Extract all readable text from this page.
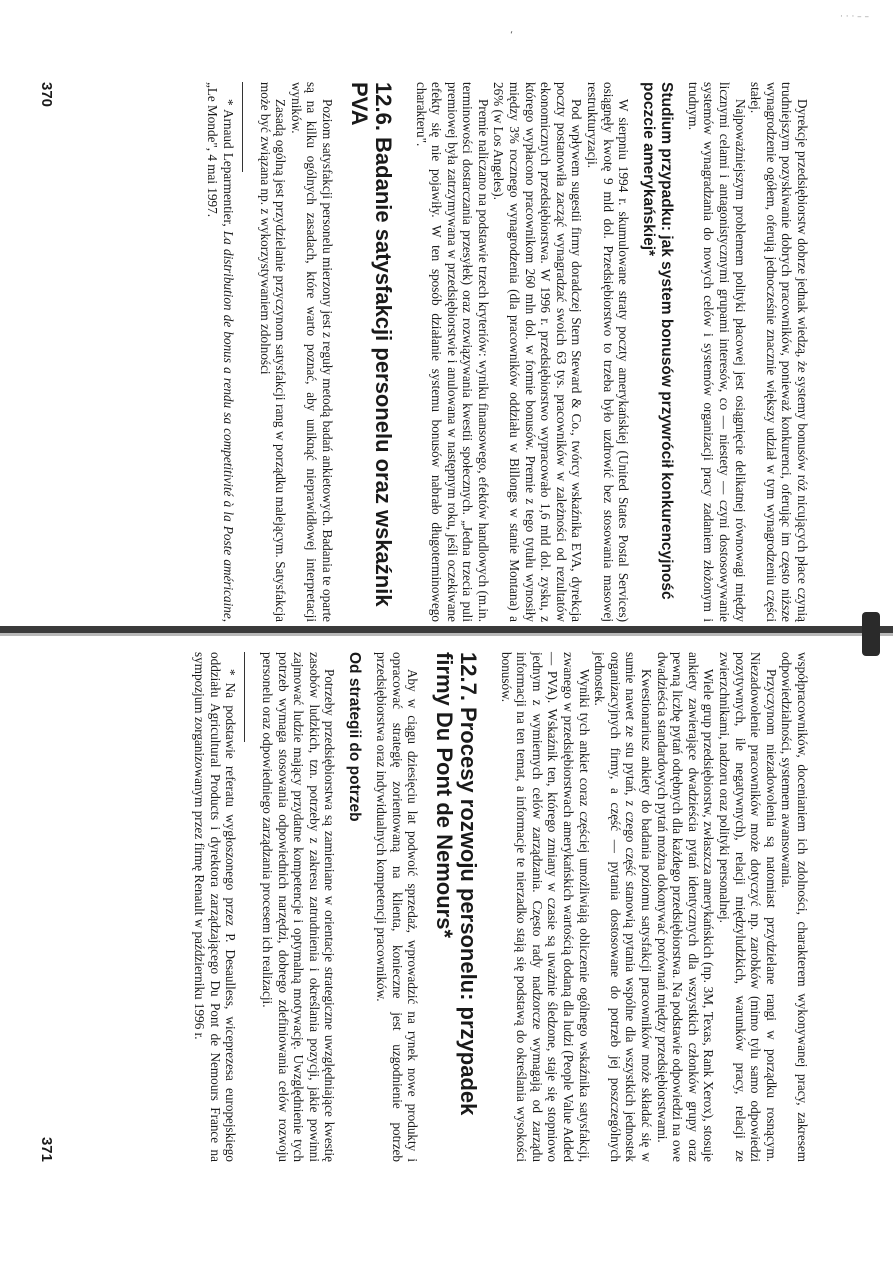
· · · – –
‘

Dyrekcje przedsiębiorstw dobrze jednak wiedzą, że systemy bonusów róż nicujących płace czynią trudniejszym pozyskiwanie dobrych pracowników, ponieważ konkurenci, oferując im często niższe wynagrodzenie ogółem, oferują jednocześnie znacznie większy udział w tym wynagrodzeniu części stałej.

Najpoważniejszym problemem polityki płacowej jest osiągnięcie delikatnej równowagi między licznymi celami i antagonistycznymi grupami interesów, co — niestety — czyni dostosowywanie systemów wynagradzania do nowych celów i systemów organizacji pracy zadaniem złożonym i trudnym.

Studium przypadku: jak system bonusów przywrócił konkurencyjność poczcie amerykańskiej*

W sierpniu 1994 r. skumulowane straty poczty amerykańskiej (United States Postal Services) osiągnęły kwotę 9 mld dol. Przedsiębiorstwo to trzeba było uzdrowić bez stosowania masowej restrukturyzacji.

Pod wpływem sugestii firmy doradczej Stern Steward & Co., twórcy wskaźnika EVA, dyrekcja poczty postanowiła zacząć wynagradzać swoich 63 tys. pracowników w zależności od rezultatów ekonomicznych przedsiębiorstwa. W 1996 r. przedsiębiorstwo wypracowało 1,6 mld dol. zysku, z którego wypłacono pracownikom 260 mln dol. w formie bonusów. Premie z tego tytułu wynosiły między 3% rocznego wynagrodzenia (dla pracowników oddziału w Billongs w stanie Montana) a 26% (w Los Angeles).

Premie naliczano na podstawie trzech kryteriów: wyniku finansowego, efektów handlowych (m.in. terminowości dostarczania przesyłek) oraz rozwiązywania kwestii społecznych. „Jedna trzecia puli premiowej była zatrzymywana w przedsiębiorstwie i anulowana w następnym roku, jeśli oczekiwane efekty się nie pojawiły. W ten sposób działanie systemu bonusów nabrało długoterminowego charakteru".

12.6. Badanie satysfakcji personelu oraz wskaźnik PVA

Poziom satysfakcji personelu mierzony jest z reguły metodą badań ankietowych. Badania te oparte są na kilku ogólnych zasadach, które warto poznać, aby uniknąć nieprawidłowej interpretacji wyników.

Zasadą ogólną jest przydzielanie przyczynom satysfakcji rang w porządku malejącym. Satysfakcja może być związana np. z wykorzystywaniem zdolności

* Arnaud Leparmentier, La distribution de bonus a rendu sa competitivité à la Poste américaine, „Le Monde", 4 mai 1997.

370

współpracowników, docenianiem ich zdolności, charakterem wykonywanej pracy, zakresem odpowiedzialności, systemem awansowania.

Przyczynom niezadowolenia są natomiast przydzielane rangi w porządku rosnącym. Niezadowolenie pracowników może dotyczyć np. zarobków (mimo tylu samo odpowiedzi pozytywnych, ile negatywnych), relacji międzyludzkich, warunków pracy, relacji ze zwierzchnikami, nadzoru oraz polityki personalnej.

Wiele grup przedsiębiorstw, zwłaszcza amerykańskich (np. 3M, Texas, Rank Xerox), stosuje ankiety zawierające dwadzieścia pytań identycznych dla wszystkich członków grupy oraz pewną liczbę pytań odrębnych dla każdego przedsiębiorstwa. Na podstawie odpowiedzi na owe dwadzieścia standardowych pytań można dokonywać porównań między przedsiębiorstwami.

Kwestionariusz ankiety do badania poziomu satysfakcji pracowników może składać się w sumie nawet ze stu pytań, z czego część stanowią pytania wspólne dla wszystkich jednostek organizacyjnych firmy, a część — pytania dostosowane do potrzeb jej poszczególnych jednostek.

Wyniki tych ankiet coraz częściej umożliwiają obliczenie ogólnego wskaźnika satysfakcji, zwanego w przedsiębiorstwach amerykańskich wartością dodaną dla ludzi (People Value Added — PVA). Wskaźnik ten, którego zmiany w czasie są uważnie śledzone, staje się stopniowo jednym z wymiernych celów zarządzania. Często rady nadzorcze wymagają od zarządu informacji na ten temat, a informacje te nierzadko stają się podstawą do określania wysokości bonusów.

12.7. Procesy rozwoju personelu: przypadek firmy Du Pont de Nemours*

Aby w ciągu dziesięciu lat podwoić sprzedaż, wprowadzić na rynek nowe produkty i opracować strategię zorientowaną na klienta, konieczne jest uzgodnienie potrzeb przedsiębiorstwa oraz indywidualnych kompetencji pracowników.

Od strategii do potrzeb

Potrzeby przedsiębiorstwa są zamieniane w orientacje strategiczne uwzględniające kwestię zasobów ludzkich, tzn. potrzeby z zakresu zatrudnienia i określania pozycji, jakie powinni zajmować ludzie mający przydatne kompetencje i optymalną motywację. Uwzględnienie tych potrzeb wymaga stosowania odpowiednich narzędzi, dobrego zdefiniowania celów rozwoju personelu oraz odpowiedniego zarządzania procesem ich realizacji.

* Na podstawie referatu wygłoszonego przez P. Desaulless, wiceprezesa europejskiego oddziału Agricultural Products i dyrektora zarządzającego Du Pont de Nemours France na sympozjum zorganizowanym przez firmę Renault w październiku 1996 r.

371
